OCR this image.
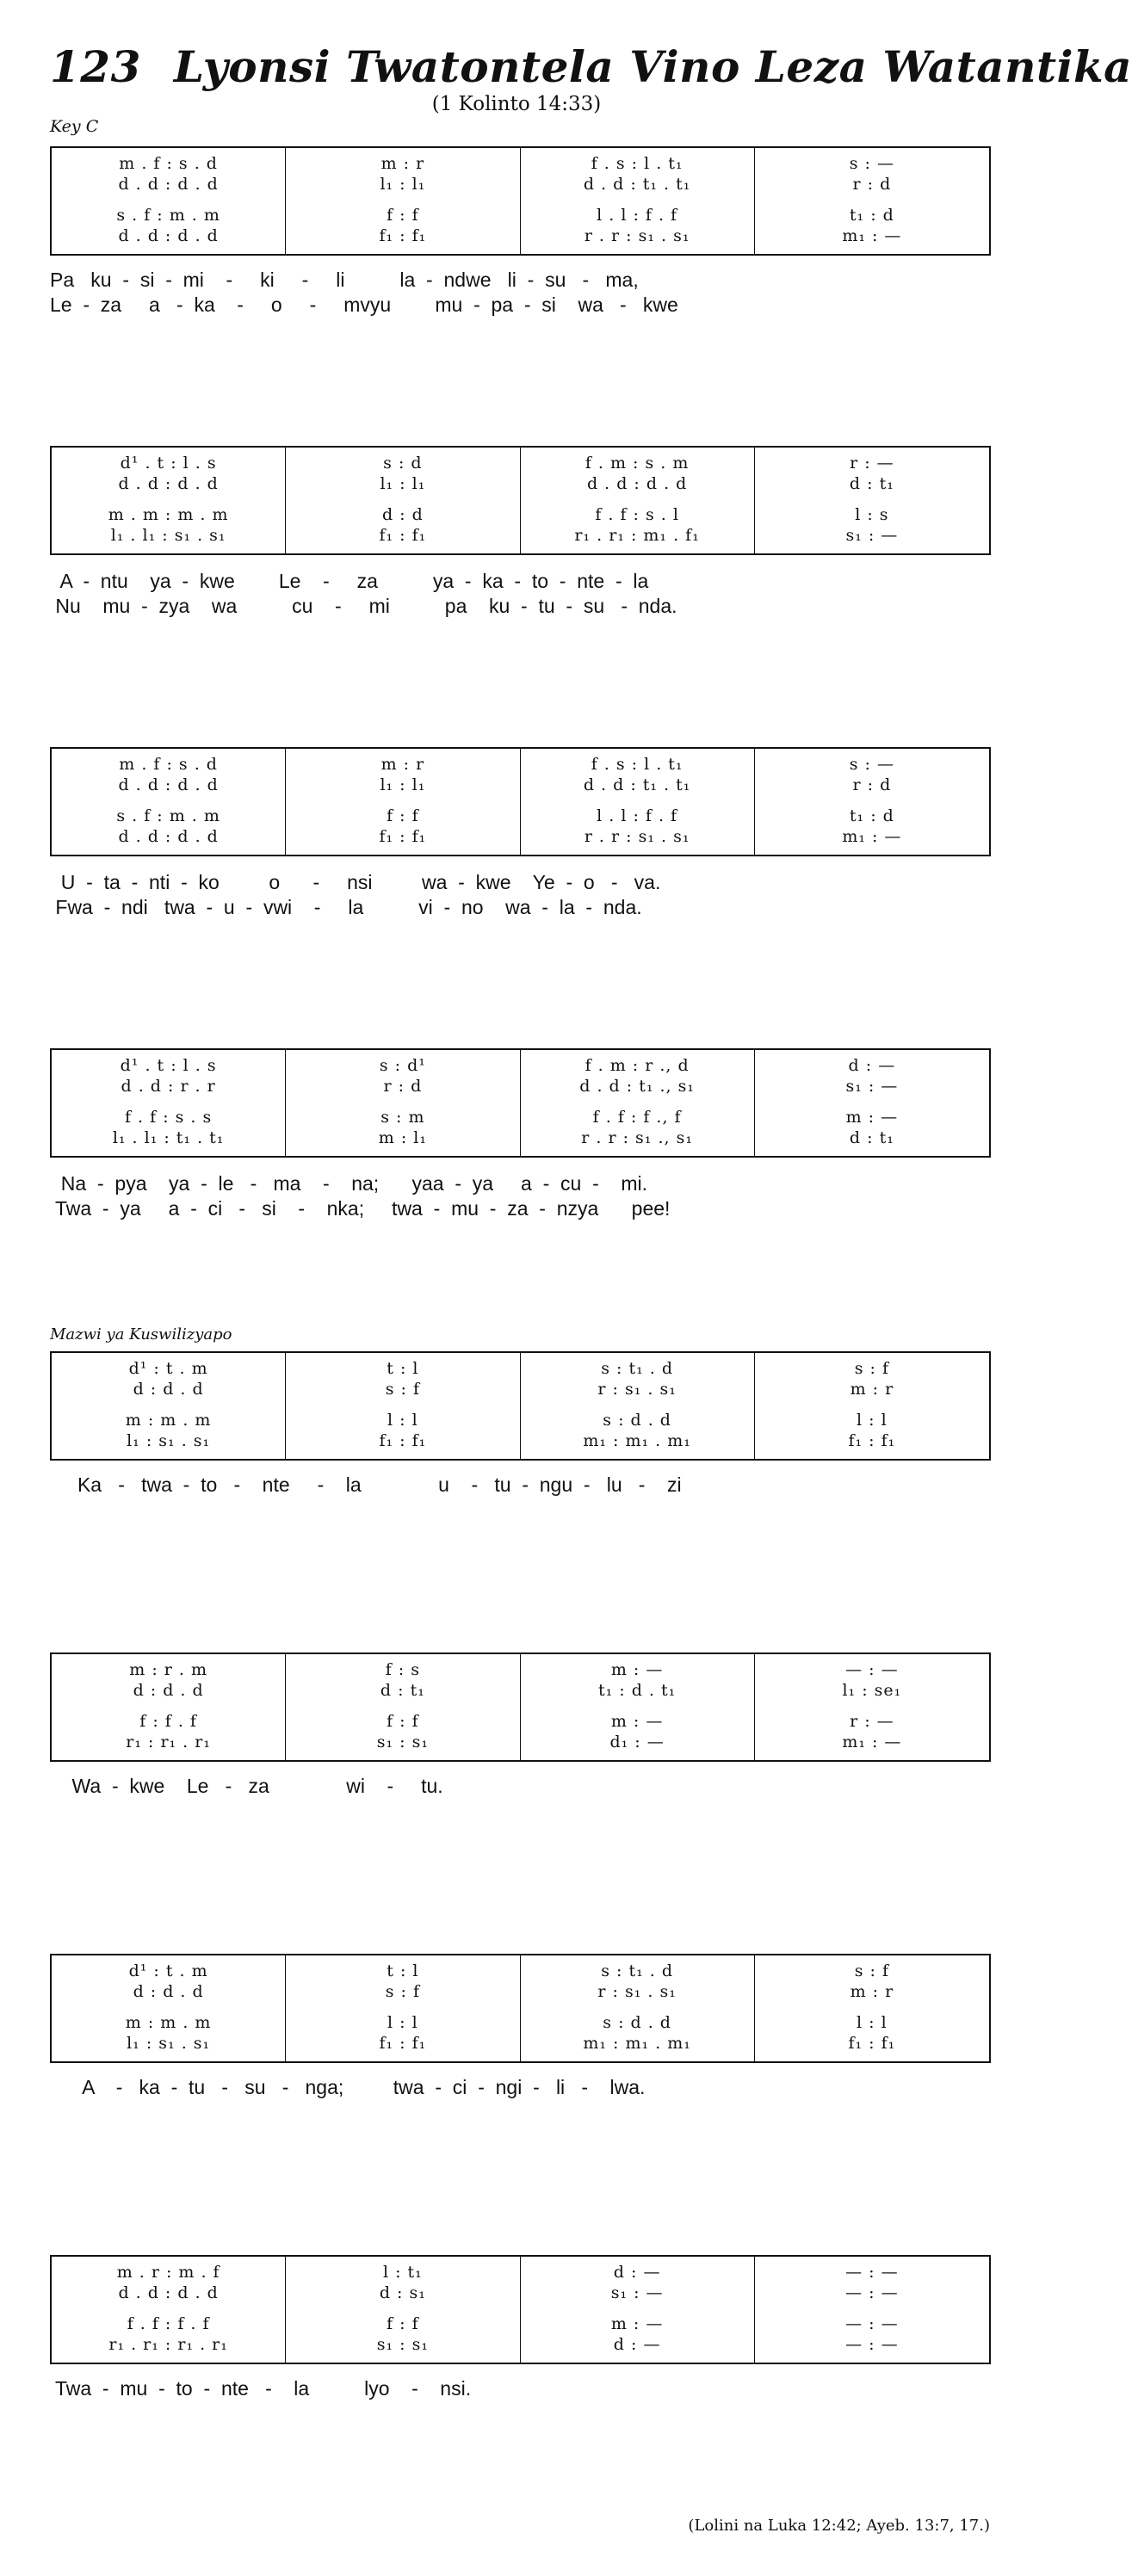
123 Lyonsi Twatontela Vino Leza Watantika
(1 Kolinto 14:33)
Key C
Mazwi ya Kuswilizyapo
(Lolini na Luka 12:42; Ayeb. 13:7, 17.)
m . f : s . d
d . d : d . d
s . f : m . m
d . d : d . d
m : r
l₁ : l₁
f : f
f₁ : f₁
f . s : l . t₁
d . d : t₁ . t₁
l . l : f . f
r . r : s₁ . s₁
s : —
r : d
t₁ : d
m₁ : —
Pa   ku  -  si  -  mi    -     ki     -     li          la  -  ndwe   li  -  su   -   ma,
Le  -  za     a   -  ka    -     o     -     mvyu        mu  -  pa  -  si    wa   -   kwe
d¹ . t : l . s
d . d : d . d
m . m : m . m
l₁ . l₁ : s₁ . s₁
s : d
l₁ : l₁
d : d
f₁ : f₁
f . m : s . m
d . d : d . d
f . f : s . l
r₁ . r₁ : m₁ . f₁
r : —
d : t₁
l : s
s₁ : —
A  -  ntu    ya  -  kwe        Le    -     za          ya  -  ka  -  to  -  nte  -  la
Nu    mu  -  zya    wa          cu    -     mi          pa    ku  -  tu  -  su   -  nda.
m . f : s . d
d . d : d . d
s . f : m . m
d . d : d . d
m : r
l₁ : l₁
f : f
f₁ : f₁
f . s : l . t₁
d . d : t₁ . t₁
l . l : f . f
r . r : s₁ . s₁
s : —
r : d
t₁ : d
m₁ : —
U  -  ta  -  nti  -  ko         o      -     nsi         wa  -  kwe    Ye  -  o   -   va.
Fwa  -  ndi   twa  -  u  -  vwi    -     la          vi  -  no    wa  -  la  -  nda.
d¹ . t : l . s
d . d : r . r
f . f : s . s
l₁ . l₁ : t₁ . t₁
s : d¹
r : d
s : m
m : l₁
f . m : r ., d
d . d : t₁ ., s₁
f . f : f ., f
r . r : s₁ ., s₁
d : —
s₁ : —
m : —
d : t₁
Na  -  pya    ya  -  le   -   ma    -    na;      yaa  -  ya     a  -  cu  -    mi.
Twa  -  ya     a  -  ci   -   si    -    nka;     twa  -  mu  -  za  -  nzya      pee!
d¹ : t . m
d : d . d
m : m . m
l₁ : s₁ . s₁
t : l
s : f
l : l
f₁ : f₁
s : t₁ . d
r : s₁ . s₁
s : d . d
m₁ : m₁ . m₁
s : f
m : r
l : l
f₁ : f₁
Ka   -   twa  -  to   -    nte     -    la              u    -   tu  -  ngu  -   lu   -    zi
m : r . m
d : d . d
f : f . f
r₁ : r₁ . r₁
f : s
d : t₁
f : f
s₁ : s₁
m : —
t₁ : d . t₁
m : —
d₁ : —
— : —
l₁ : se₁
r : —
m₁ : —
Wa  -  kwe    Le   -   za              wi    -     tu.
d¹ : t . m
d : d . d
m : m . m
l₁ : s₁ . s₁
t : l
s : f
l : l
f₁ : f₁
s : t₁ . d
r : s₁ . s₁
s : d . d
m₁ : m₁ . m₁
s : f
m : r
l : l
f₁ : f₁
A    -   ka  -  tu   -   su   -   nga;         twa  -  ci  -  ngi  -   li   -    lwa.
m . r : m . f
d . d : d . d
f . f : f . f
r₁ . r₁ : r₁ . r₁
l : t₁
d : s₁
f : f
s₁ : s₁
d : —
s₁ : —
m : —
d : —
— : —
— : —
— : —
— : —
Twa  -  mu  -  to  -  nte   -    la          lyo    -    nsi.
